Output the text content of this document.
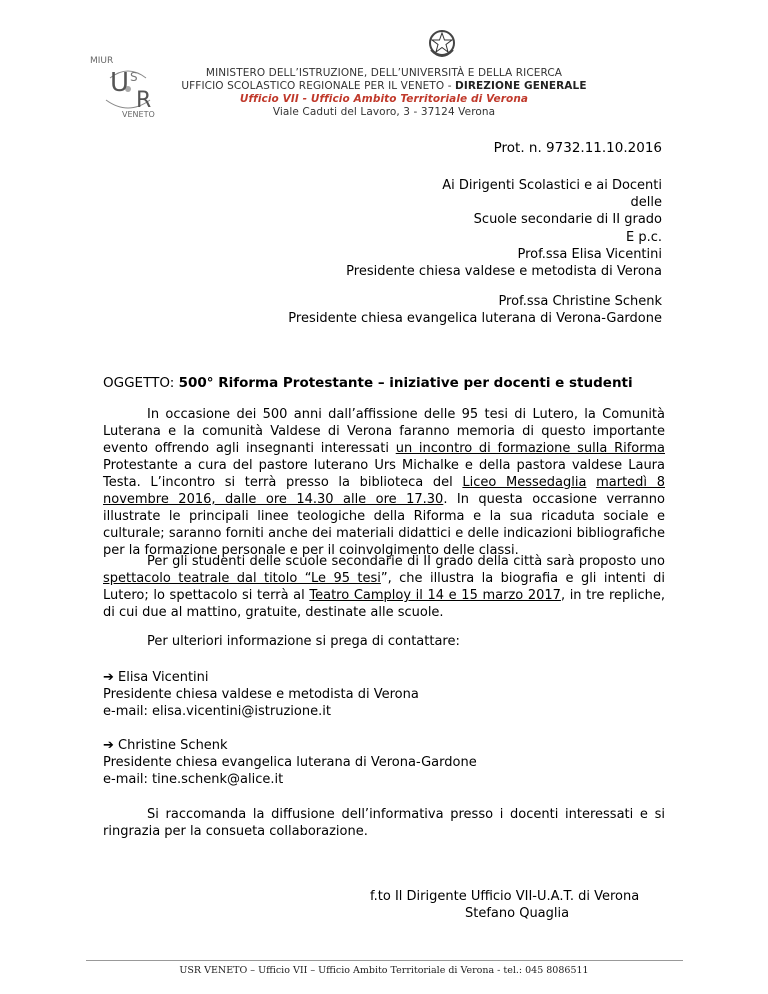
MIUR
U S
R
VENETO
MINISTERO DELL’ISTRUZIONE, DELL’UNIVERSITÀ E DELLA RICERCA
UFFICIO SCOLASTICO REGIONALE PER IL VENETO - DIREZIONE GENERALE
Ufficio VII - Ufficio Ambito Territoriale di Verona
Viale Caduti del Lavoro, 3 - 37124 Verona
Prot. n. 9732.11.10.2016
Ai Dirigenti Scolastici e ai Docenti
delle
Scuole secondarie di II grado
E p.c.
Prof.ssa Elisa Vicentini
Presidente chiesa valdese e metodista di Verona
Prof.ssa Christine Schenk
Presidente chiesa evangelica luterana di Verona-Gardone
OGGETTO: 500° Riforma Protestante – iniziative per docenti e studenti
In occasione dei 500 anni dall’affissione delle 95 tesi di Lutero, la Comunità Luterana e la comunità Valdese di Verona faranno memoria di questo importante evento offrendo agli insegnanti interessati un incontro di formazione sulla Riforma Protestante a cura del pastore luterano Urs Michalke e della pastora valdese Laura Testa. L’incontro si terrà presso la biblioteca del Liceo Messedaglia martedì 8 novembre 2016, dalle ore 14.30 alle ore 17.30. In questa occasione verranno illustrate le principali linee teologiche della Riforma e la sua ricaduta sociale e culturale; saranno forniti anche dei materiali didattici e delle indicazioni bibliografiche per la formazione personale e per il coinvolgimento delle classi.
Per gli studenti delle scuole secondarie di II grado della città sarà proposto uno spettacolo teatrale dal titolo “Le 95 tesi”, che illustra la biografia e gli intenti di Lutero; lo spettacolo si terrà al Teatro Camploy il 14 e 15 marzo 2017, in tre repliche, di cui due al mattino, gratuite, destinate alle scuole.
Per ulteriori informazione si prega di contattare:
➔ Elisa Vicentini
Presidente chiesa valdese e metodista di Verona
e-mail: elisa.vicentini@istruzione.it
➔ Christine Schenk
Presidente chiesa evangelica luterana di Verona-Gardone
e-mail: tine.schenk@alice.it
Si raccomanda la diffusione dell’informativa presso i docenti interessati e si ringrazia per la consueta collaborazione.
f.to Il Dirigente Ufficio VII-U.A.T. di Verona
Stefano Quaglia
USR VENETO – Ufficio VII – Ufficio Ambito Territoriale di Verona - tel.: 045 8086511
